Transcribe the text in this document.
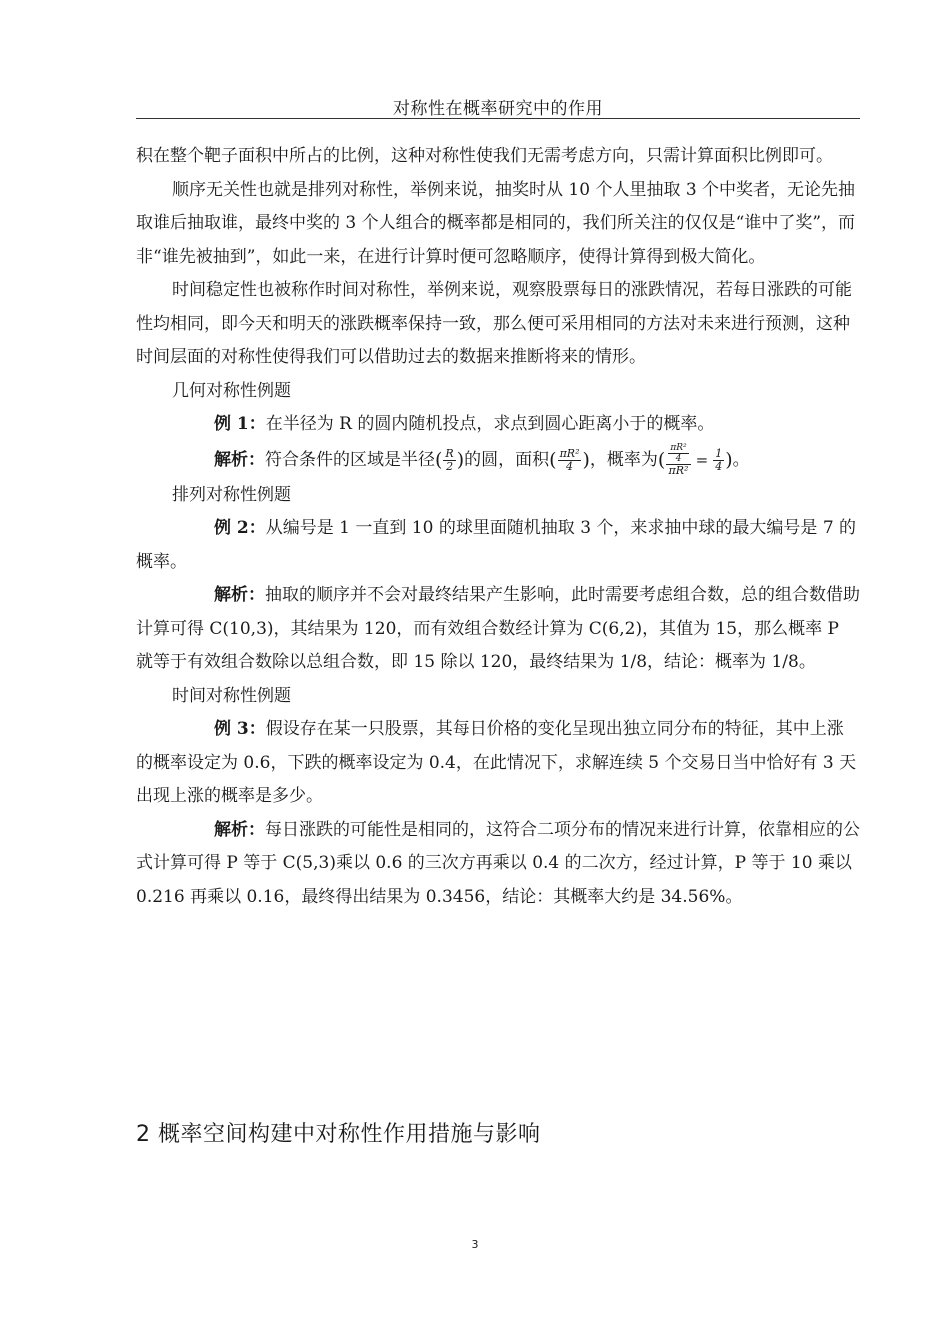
对称性在概率研究中的作用

积在整个靶子面积中所占的比例，这种对称性使我们无需考虑方向，只需计算面积比例即可。

顺序无关性也就是排列对称性，举例来说，抽奖时从 10 个人里抽取 3 个中奖者，无论先抽取谁后抽取谁，最终中奖的 3 个人组合的概率都是相同的，我们所关注的仅仅是“谁中了奖”，而非“谁先被抽到”，如此一来，在进行计算时便可忽略顺序，使得计算得到极大简化。

时间稳定性也被称作时间对称性，举例来说，观察股票每日的涨跌情况，若每日涨跌的可能性均相同，即今天和明天的涨跌概率保持一致，那么便可采用相同的方法对未来进行预测，这种时间层面的对称性使得我们可以借助过去的数据来推断将来的情形。

几何对称性例题

例 1：在半径为 R 的圆内随机投点，求点到圆心距离小于的概率。

解析：符合条件的区域是半径( $\frac{R}{2}$ )的圆，面积( $\frac{\text{πR²}}{4}$ )，概率为( $\frac{\frac{\text{πR²}}{4}}{\text{πR²}} = \frac{1}{4}$ )。

排列对称性例题

例 2：从编号是 1 一直到 10 的球里面随机抽取 3 个，来求抽中球的最大编号是 7 的概率。

解析：抽取的顺序并不会对最终结果产生影响，此时需要考虑组合数，总的组合数借助计算可得 C(10,3)，其结果为 120，而有效组合数经计算为 C(6,2)，其值为 15，那么概率 P 就等于有效组合数除以总组合数，即 15 除以 120，最终结果为 1/8，结论：概率为 1/8。

时间对称性例题

例 3：假设存在某一只股票，其每日价格的变化呈现出独立同分布的特征，其中上涨的概率设定为 0.6，下跌的概率设定为 0.4，在此情况下，求解连续 5 个交易日当中恰好有 3 天出现上涨的概率是多少。

解析：每日涨跌的可能性是相同的，这符合二项分布的情况来进行计算，依靠相应的公式计算可得 P 等于 C(5,3)乘以 0.6 的三次方再乘以 0.4 的二次方，经过计算，P 等于 10 乘以 0.216 再乘以 0.16，最终得出结果为 0.3456，结论：其概率大约是 34.56%。

2 概率空间构建中对称性作用措施与影响
3
